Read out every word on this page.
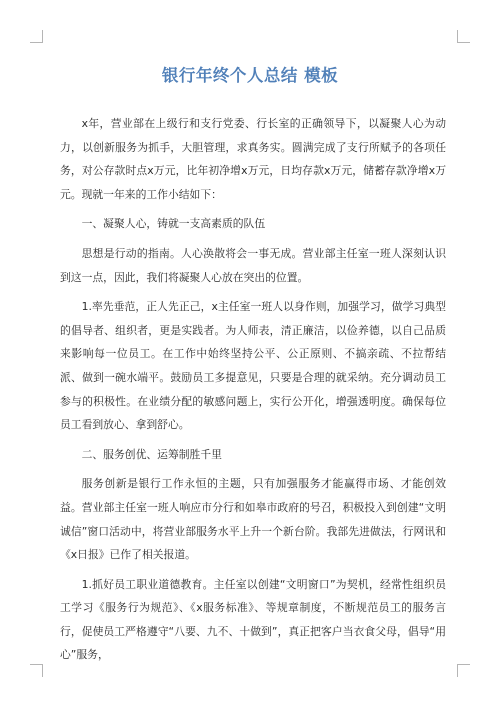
银行年终个人总结 模板

x年，营业部在上级行和支行党委、行长室的正确领导下，以凝聚人心为动力，以创新服务为抓手，大胆管理，求真务实。圆满完成了支行所赋予的各项任务，对公存款时点x万元，比年初净增x万元，日均存款x万元，储蓄存款净增x万元。现就一年来的工作小结如下：

一、凝聚人心，铸就一支高素质的队伍

思想是行动的指南。人心涣散将会一事无成。营业部主任室一班人深刻认识到这一点，因此，我们将凝聚人心放在突出的位置。

1.率先垂范，正人先正己，x主任室一班人以身作则，加强学习，做学习典型的倡导者、组织者，更是实践者。为人师表，清正廉洁，以俭养德，以自己品质来影响每一位员工。在工作中始终坚持公平、公正原则、不搞亲疏、不拉帮结派、做到一碗水端平。鼓励员工多提意见，只要是合理的就采纳。充分调动员工参与的积极性。在业绩分配的敏感问题上，实行公开化，增强透明度。确保每位员工看到放心、拿到舒心。

二、服务创优、运筹制胜千里

服务创新是银行工作永恒的主题，只有加强服务才能赢得市场、才能创效益。营业部主任室一班人响应市分行和如皋市政府的号召，积极投入到创建“文明诚信”窗口活动中，将营业部服务水平上升一个新台阶。我部先进做法，行网讯和《x日报》已作了相关报道。

1.抓好员工职业道德教育。主任室以创建“文明窗口”为契机，经常性组织员工学习《服务行为规范》、《x服务标准》、等规章制度，不断规范员工的服务言行，促使员工严格遵守“八要、九不、十做到”，真正把客户当衣食父母，倡导“用心”服务，
